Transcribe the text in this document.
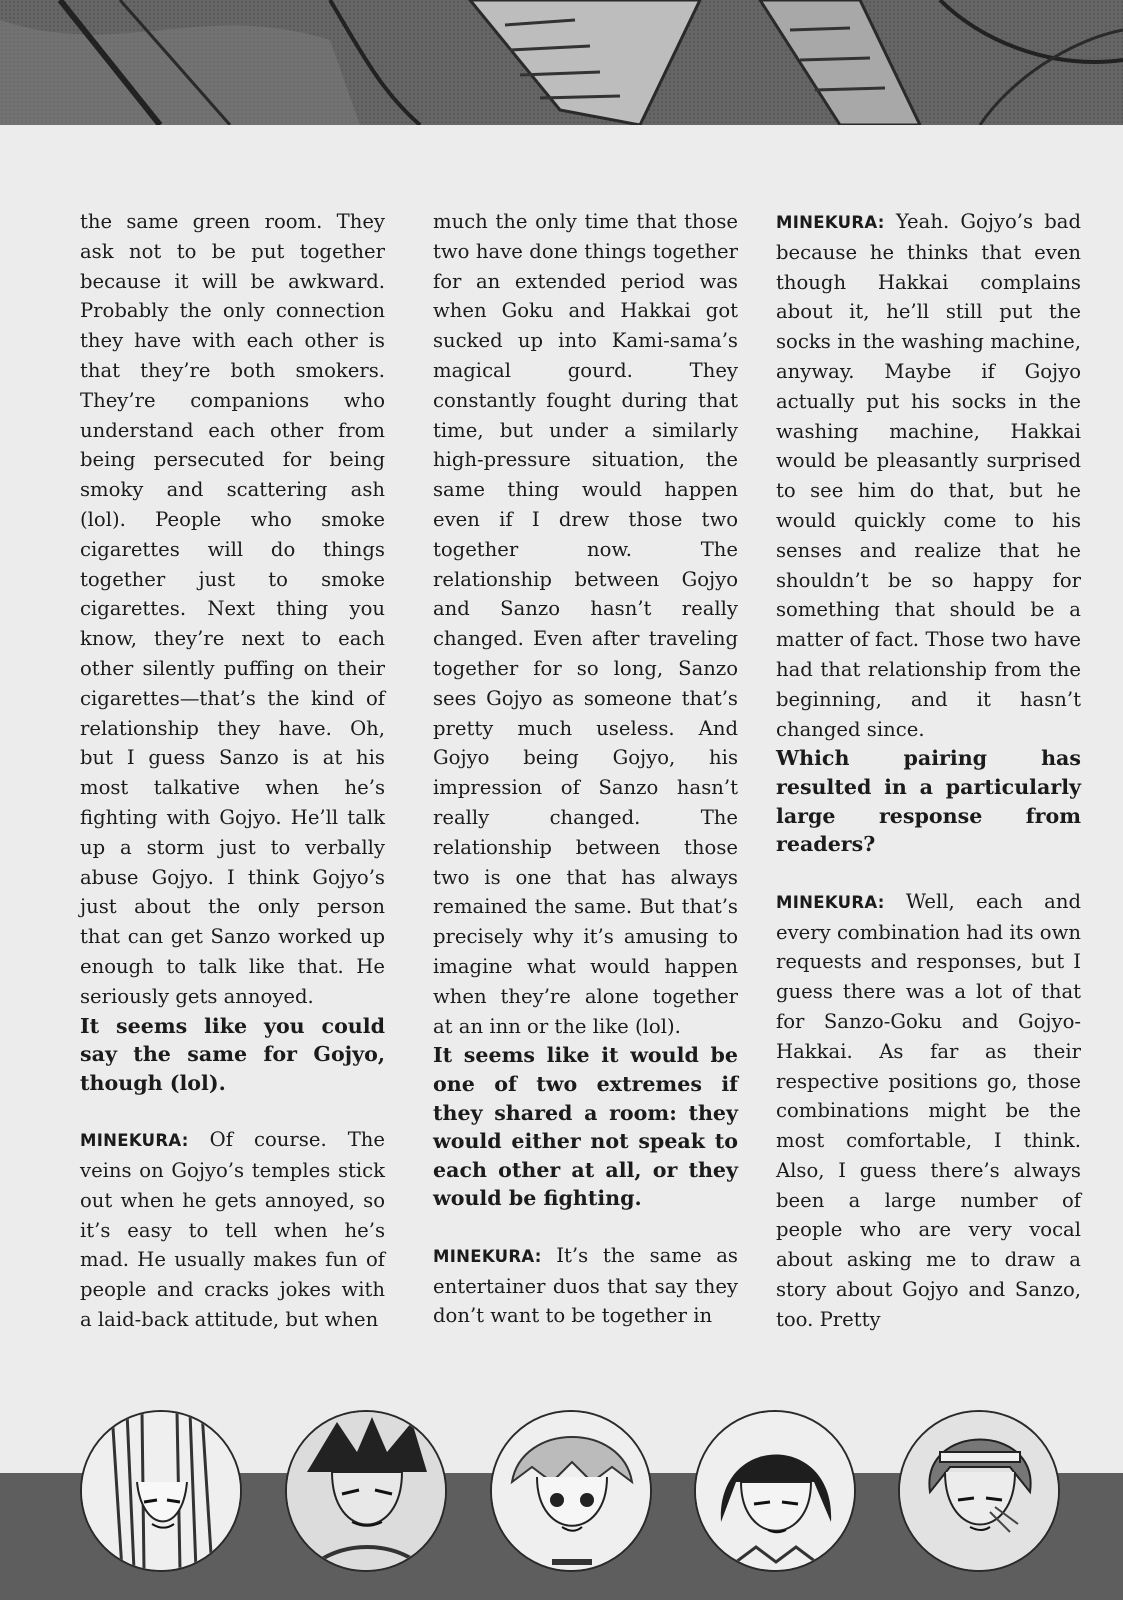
the same green room. They ask not to be put together because it will be awkward. Probably the only connection they have with each other is that they’re both smokers. They’re companions who understand each other from being persecuted for being smoky and scattering ash (lol). People who smoke cigarettes will do things together just to smoke cigarettes. Next thing you know, they’re next to each other silently puffing on their cigarettes—that’s the kind of relationship they have. Oh, but I guess Sanzo is at his most talkative when he’s fighting with Gojyo. He’ll talk up a storm just to verbally abuse Gojyo. I think Gojyo’s just about the only person that can get Sanzo worked up enough to talk like that. He seriously gets annoyed.

It seems like you could say the same for Gojyo, though (lol).

MINEKURA: Of course. The veins on Gojyo’s temples stick out when he gets annoyed, so it’s easy to tell when he’s mad. He usually makes fun of people and cracks jokes with a laid-back attitude, but when

much the only time that those two have done things together for an extended period was when Goku and Hakkai got sucked up into Kami-sama’s magical gourd. They constantly fought during that time, but under a similarly high-pressure situation, the same thing would happen even if I drew those two together now. The relationship between Gojyo and Sanzo hasn’t really changed. Even after traveling together for so long, Sanzo sees Gojyo as someone that’s pretty much useless. And Gojyo being Gojyo, his impression of Sanzo hasn’t really changed. The relationship between those two is one that has always remained the same. But that’s precisely why it’s amusing to imagine what would happen when they’re alone together at an inn or the like (lol).

It seems like it would be one of two extremes if they shared a room: they would either not speak to each other at all, or they would be fighting.

MINEKURA: It’s the same as entertainer duos that say they don’t want to be together in

MINEKURA: Yeah. Gojyo’s bad because he thinks that even though Hakkai complains about it, he’ll still put the socks in the washing machine, anyway. Maybe if Gojyo actually put his socks in the washing machine, Hakkai would be pleasantly surprised to see him do that, but he would quickly come to his senses and realize that he shouldn’t be so happy for something that should be a matter of fact. Those two have had that relationship from the beginning, and it hasn’t changed since.

Which pairing has resulted in a particularly large response from readers?

MINEKURA: Well, each and every combination had its own requests and responses, but I guess there was a lot of that for Sanzo-Goku and Gojyo-Hakkai. As far as their respective positions go, those combinations might be the most comfortable, I think. Also, I guess there’s always been a large number of people who are very vocal about asking me to draw a story about Gojyo and Sanzo, too. Pretty
